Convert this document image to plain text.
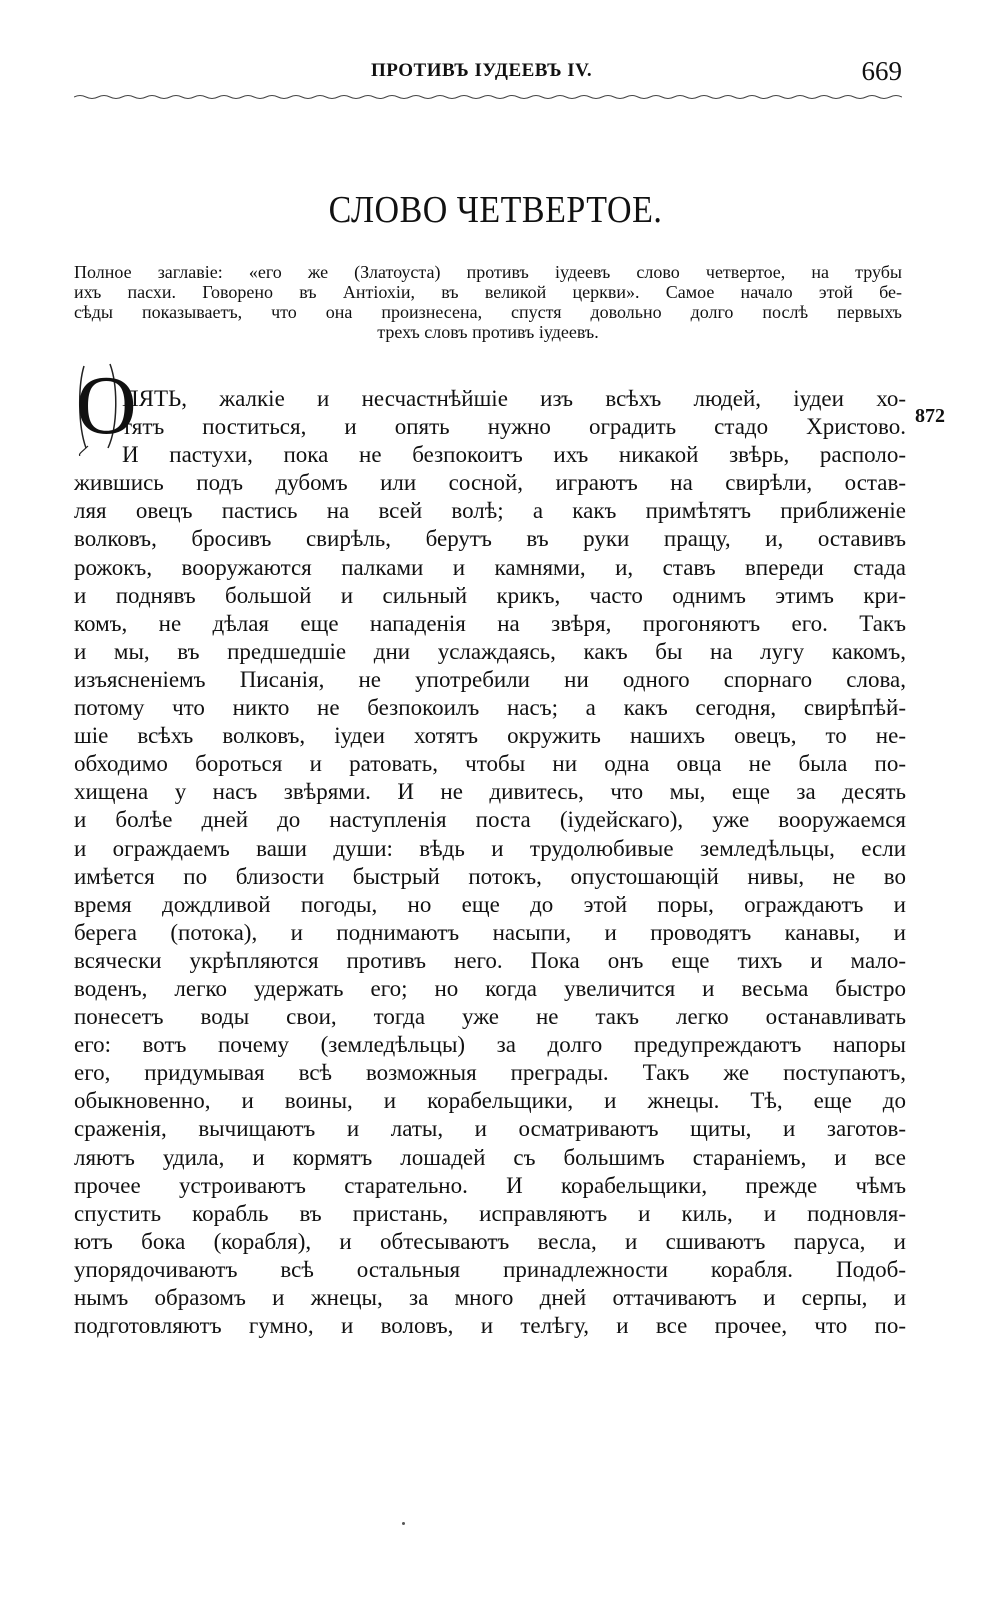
ПРОТИВЪ ІУДЕЕВЪ IV.	669
СЛОВО ЧЕТВЕРТОЕ.
Полное заглавіе: «его же (Златоуста) противъ іудеевъ слово четвертое, на трубы
ихъ пасхи. Говорено въ Антіохіи, въ великой церкви». Самое начало этой бе-
сѣды показываетъ, что она произнесена, спустя довольно долго послѣ первыхъ
трехъ словъ противъ іудеевъ.
О	872
ПЯТЬ, жалкіе и несчастнѣйшіе изъ всѣхъ людей, іудеи хо-
тятъ поститься, и опять нужно оградить стадо Христово.
И пастухи, пока не безпокоитъ ихъ никакой звѣрь, располо-
жившись подъ дубомъ или сосной, играютъ на свирѣли, остав-
ляя овецъ пастись на всей волѣ; а какъ примѣтятъ приближеніе
волковъ, бросивъ свирѣль, берутъ въ руки пращу, и, оставивъ
рожокъ, вооружаются палками и камнями, и, ставъ впереди стада
и поднявъ большой и сильный крикъ, часто однимъ этимъ кри-
комъ, не дѣлая еще нападенія на звѣря, прогоняютъ его. Такъ
и мы, въ предшедшіе дни услаждаясь, какъ бы на лугу какомъ,
изъясненіемъ Писанія, не употребили ни одного спорнаго слова,
потому что никто не безпокоилъ насъ; а какъ сегодня, свирѣпѣй-
шіе всѣхъ волковъ, іудеи хотятъ окружить нашихъ овецъ, то не-
обходимо бороться и ратовать, чтобы ни одна овца не была по-
хищена у насъ звѣрями. И не дивитесь, что мы, еще за десять
и болѣе дней до наступленія поста (іудейскаго), уже вооружаемся
и ограждаемъ ваши души: вѣдь и трудолюбивые земледѣльцы, если
имѣется по близости быстрый потокъ, опустошающій нивы, не во
время дождливой погоды, но еще до этой поры, ограждаютъ и
берега (потока), и поднимаютъ насыпи, и проводятъ канавы, и
всячески укрѣпляются противъ него. Пока онъ еще тихъ и мало-
воденъ, легко удержать его; но когда увеличится и весьма быстро
понесетъ воды свои, тогда уже не такъ легко останавливать
его: вотъ почему (земледѣльцы) за долго предупреждаютъ напоры
его, придумывая всѣ возможныя преграды. Такъ же поступаютъ,
обыкновенно, и воины, и корабельщики, и жнецы. Тѣ, еще до
сраженія, вычищаютъ и латы, и осматриваютъ щиты, и заготов-
ляютъ удила, и кормятъ лошадей съ большимъ стараніемъ, и все
прочее устроиваютъ старательно. И корабельщики, прежде чѣмъ
спустить корабль въ пристань, исправляютъ и киль, и подновля-
ютъ бока (корабля), и обтесываютъ весла, и сшиваютъ паруса, и
упорядочиваютъ всѣ остальныя принадлежности корабля. Подоб-
нымъ образомъ и жнецы, за много дней оттачиваютъ и серпы, и
подготовляютъ гумно, и воловъ, и телѣгу, и все прочее, что по-
